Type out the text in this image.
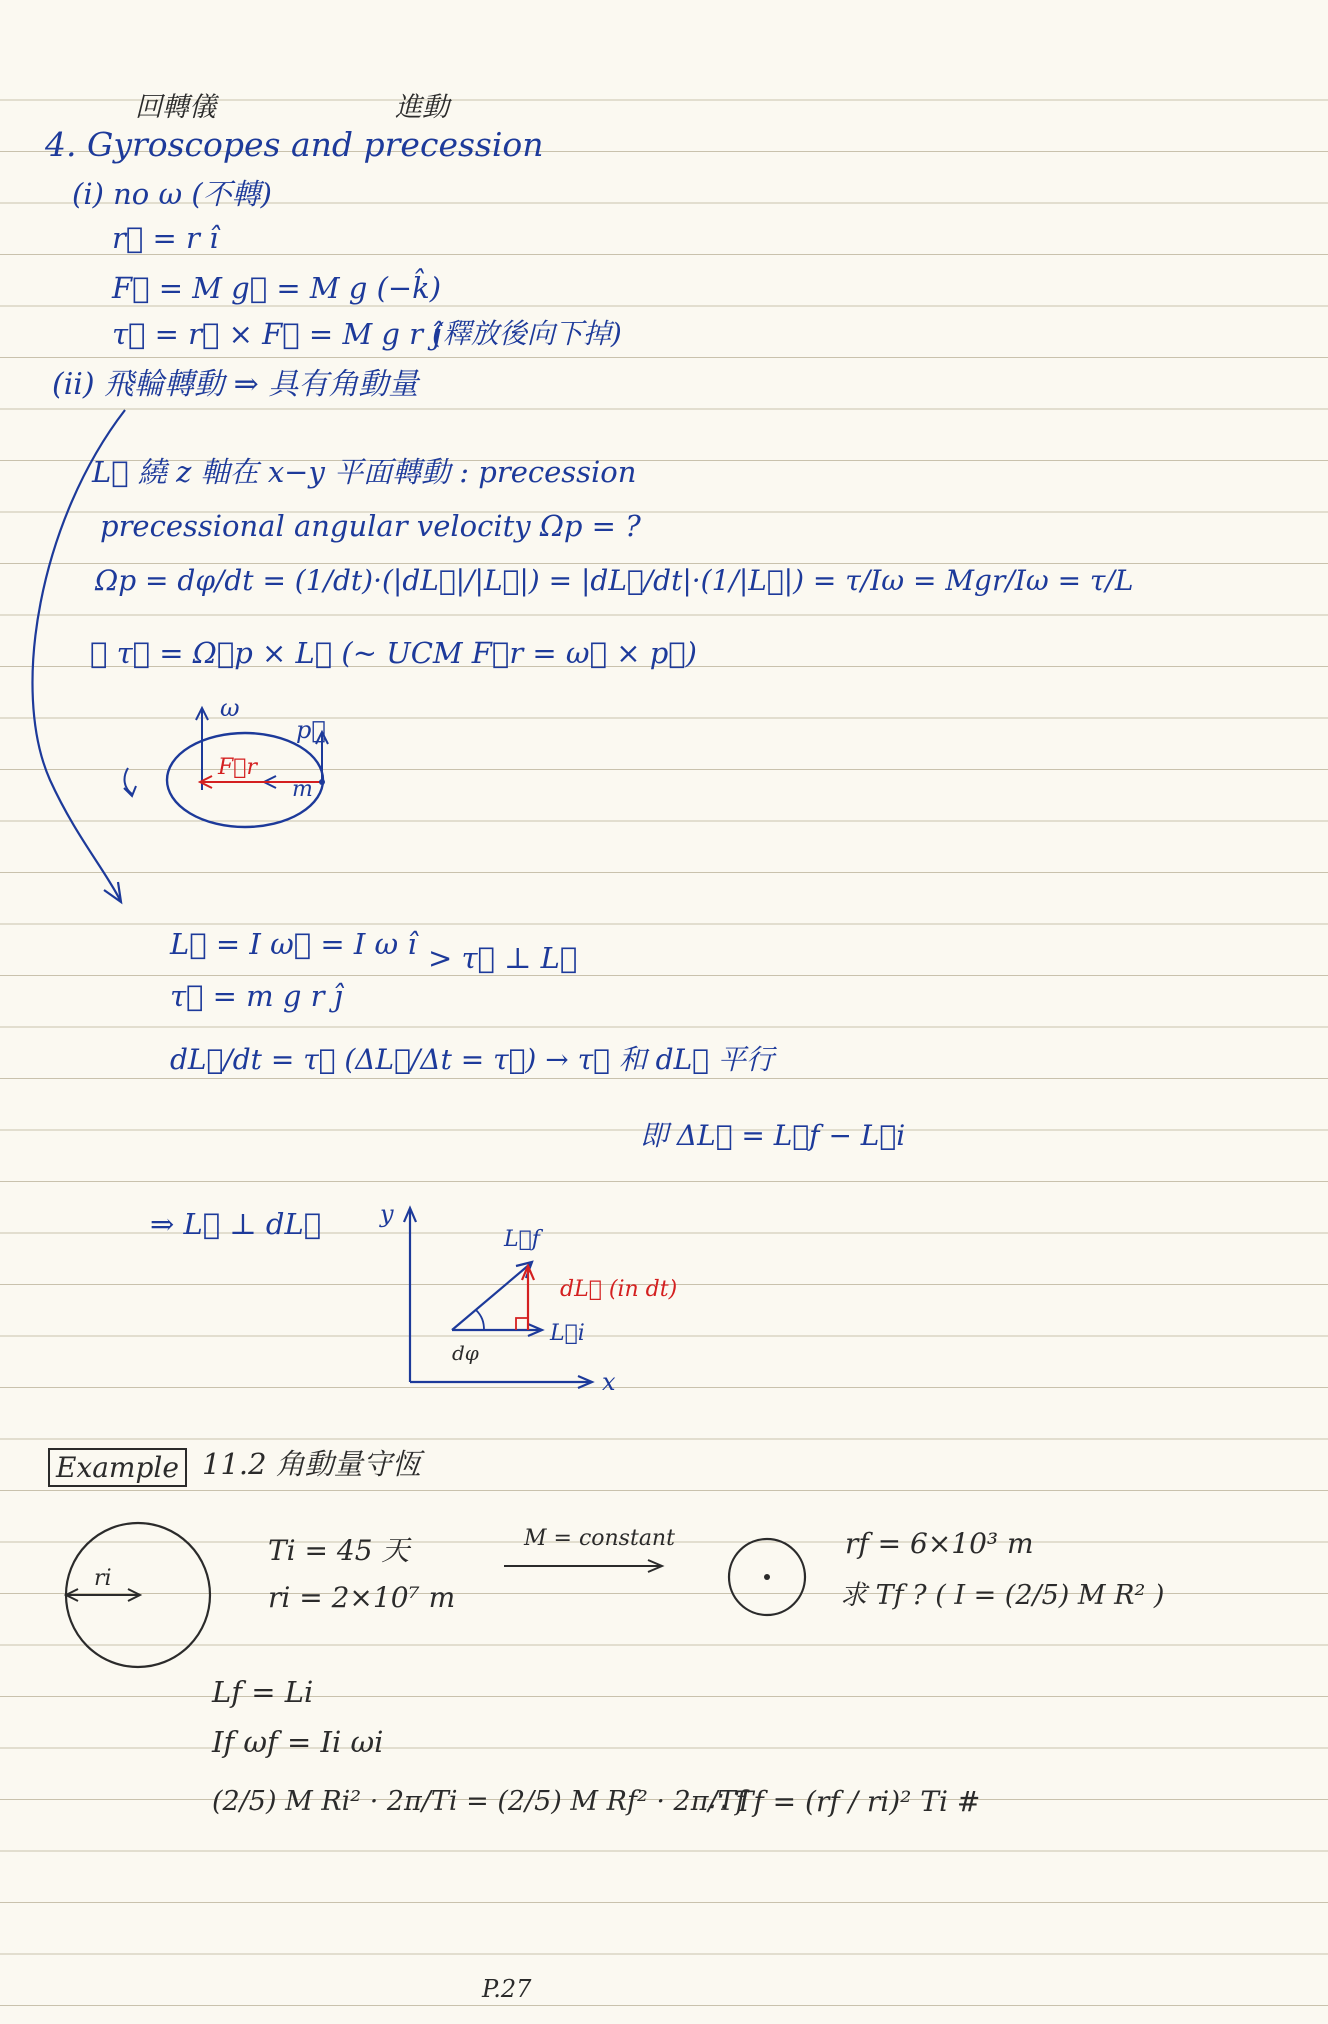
回轉儀	進動
4. Gyroscopes and precession
(i) no ω (不轉)
r⃗ = r î
F⃗ = M g⃗ = M g (−k̂)
τ⃗ = r⃗ × F⃗ = M g r ĵ
(釋放後向下掉)
(ii) 飛輪轉動 ⇒ 具有角動量
L⃗ 繞 z 軸在 x−y 平面轉動 : precession
precessional angular velocity Ωp = ?
Ωp = dφ/dt = (1/dt)·(|dL⃗|/|L⃗|) = |dL⃗/dt|·(1/|L⃗|) = τ/Iω = Mgr/Iω = τ/L
∴ τ⃗ = Ω⃗p × L⃗ (~ UCM F⃗r = ω⃗ × p⃗)
ω
p⃗
F⃗r
m
L⃗ = I ω⃗ = I ω î > τ⃗ ⊥ L⃗
τ⃗ = m g r ĵ
dL⃗/dt = τ⃗ (ΔL⃗/Δt = τ⃗) → τ⃗ 和 dL⃗ 平行
即 ΔL⃗ = L⃗f − L⃗i
⇒ L⃗ ⊥ dL⃗ y
x
L⃗f
L⃗i
dL⃗ (in dt)
dφ
Example 11.2 角動量守恆
ri
Ti = 45 天
ri = 2×10⁷ m
M = constant	rf = 6×10³ m
求 Tf ? ( I = (2/5) M R² )
Lf = Li
If ωf = Ii ωi
(2/5) M Ri² · 2π/Ti = (2/5) M Rf² · 2π/Tf
∴ Tf = (rf / ri)² Ti #
P.27
